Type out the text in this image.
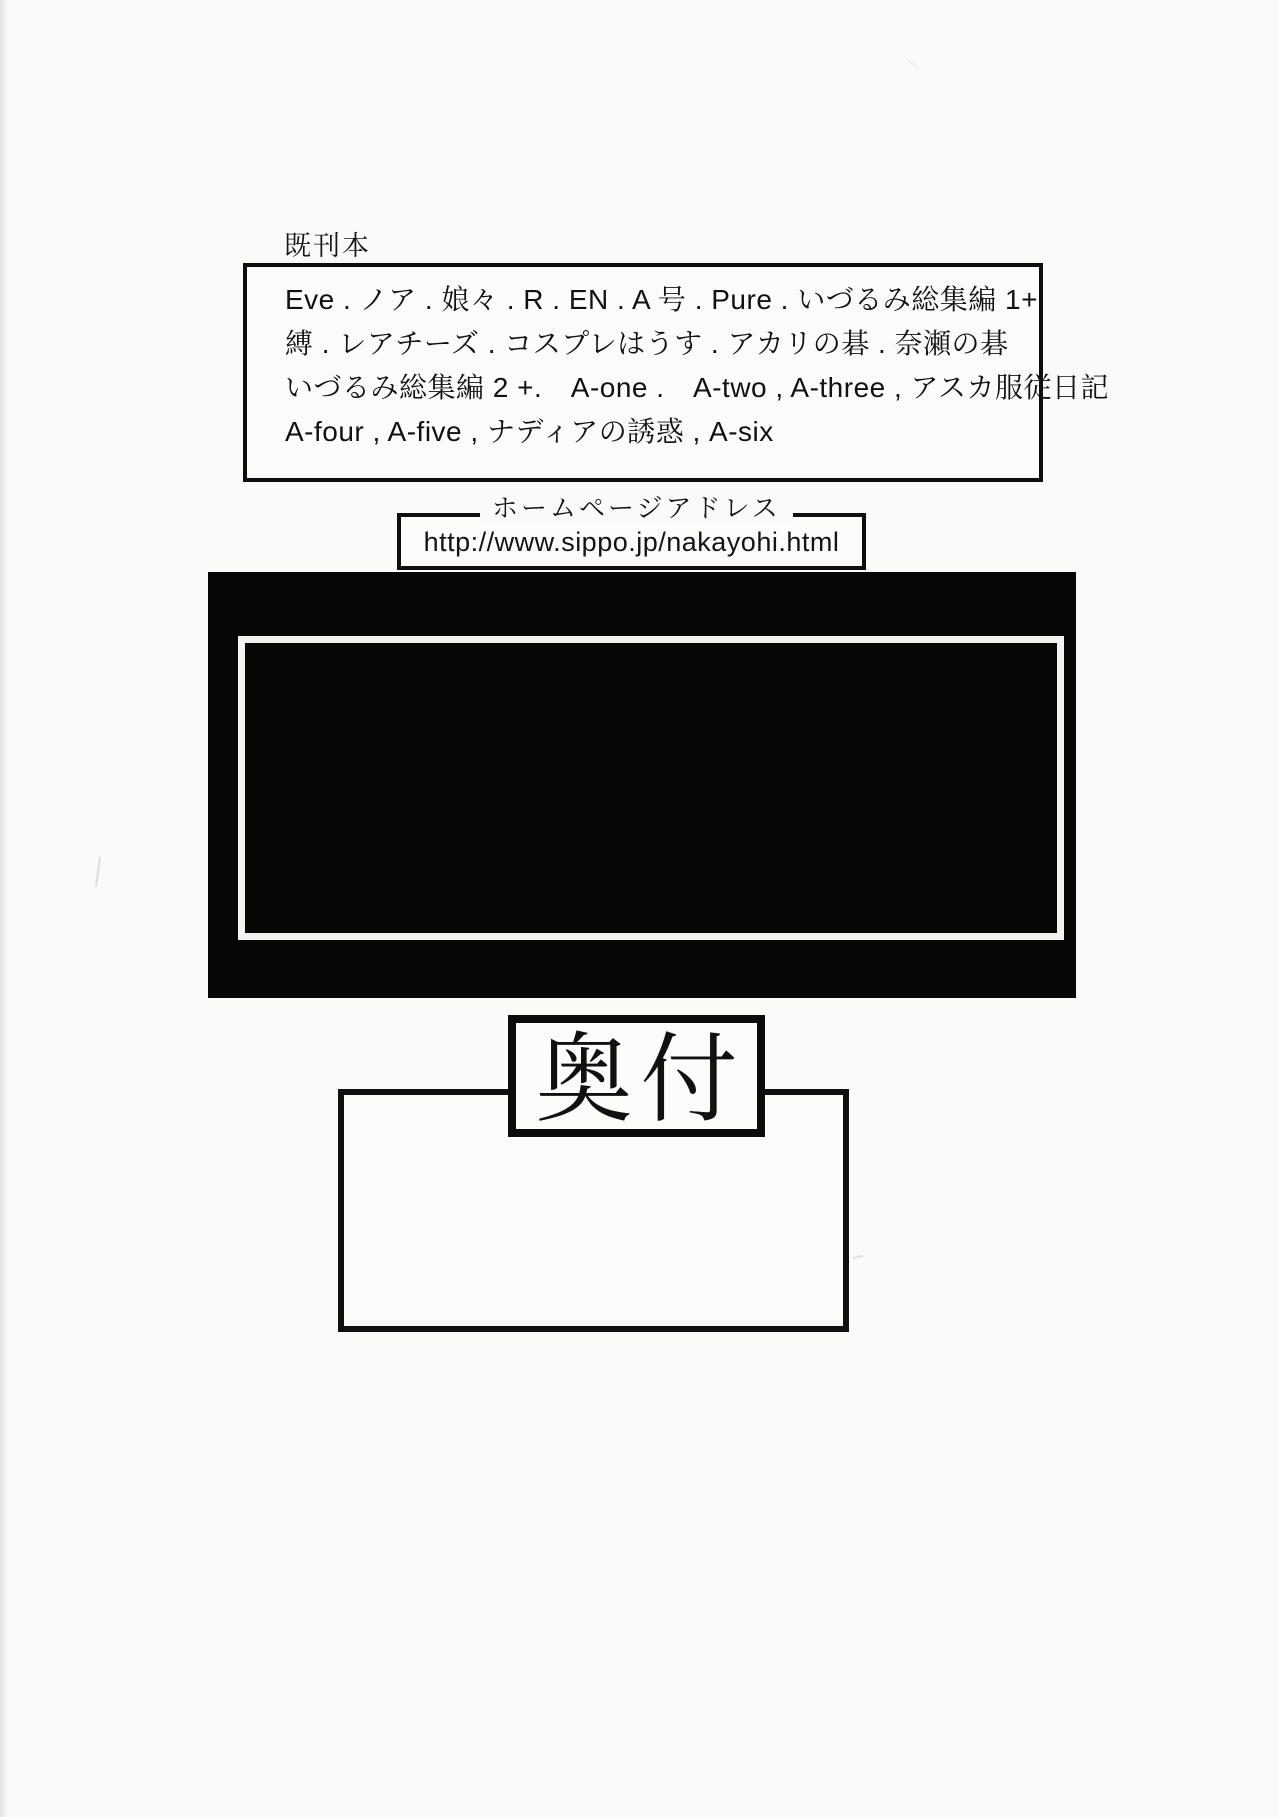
既刊本
Eve . ノア . 娘々 . R . EN . A 号 . Pure . いづるみ総集編 1+
縛 . レアチーズ . コスプレはうす . アカリの碁 . 奈瀬の碁
いづるみ総集編 2 +.　A-one .　A-two , A-three , アスカ服従日記
A-four , A-five , ナディアの誘惑 , A-six
ホームページアドレス
http://www.sippo.jp/nakayohi.html
奥付
